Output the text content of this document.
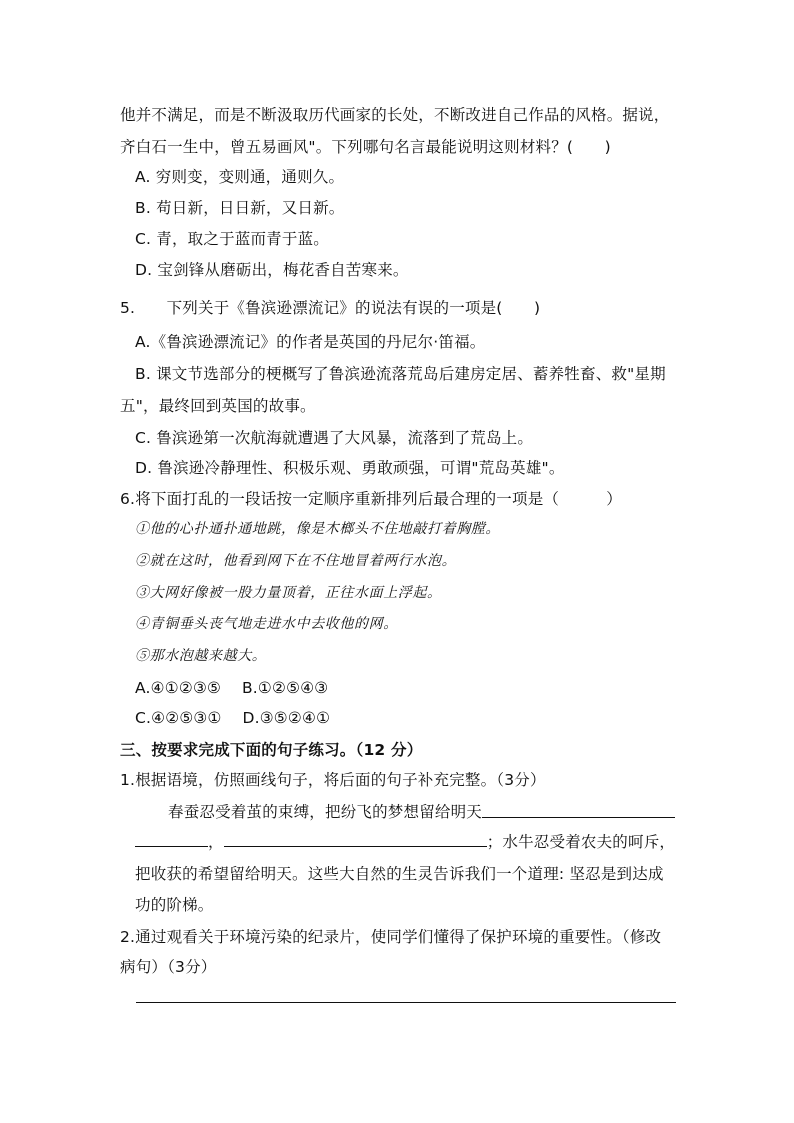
他并不满足，而是不断汲取历代画家的长处，不断改进自己作品的风格。据说，
齐白石一生中，曾五易画风"。下列哪句名言最能说明这则材料？(　　)
A. 穷则变，变则通，通则久。
B. 苟日新，日日新，又日新。
C. 青，取之于蓝而青于蓝。
D. 宝剑锋从磨砺出，梅花香自苦寒来。
5.　　下列关于《鲁滨逊漂流记》的说法有误的一项是(　　)
A.《鲁滨逊漂流记》的作者是英国的丹尼尔·笛福。
B. 课文节选部分的梗概写了鲁滨逊流落荒岛后建房定居、蓄养牲畜、救"星期
五"，最终回到英国的故事。
C. 鲁滨逊第一次航海就遭遇了大风暴，流落到了荒岛上。
D. 鲁滨逊冷静理性、积极乐观、勇敢顽强，可谓"荒岛英雄"。
6.将下面打乱的一段话按一定顺序重新排列后最合理的一项是（　　　）
①他的心扑通扑通地跳，像是木榔头不住地敲打着胸膛。
②就在这时，他看到网下在不住地冒着两行水泡。
③大网好像被一股力量顶着，正往水面上浮起。
④青铜垂头丧气地走进水中去收他的网。
⑤那水泡越来越大。
A.④①②③⑤　 B.①②⑤④③
C.④②⑤③①　 D.③⑤②④①
三、按要求完成下面的句子练习。（12 分）
1.根据语境，仿照画线句子，将后面的句子补充完整。（3分）
春蚕忍受着茧的束缚，把纷飞的梦想留给明天
，	；水牛忍受着农夫的呵斥，
把收获的希望留给明天。这些大自然的生灵告诉我们一个道理: 坚忍是到达成
功的阶梯。
2.通过观看关于环境污染的纪录片，使同学们懂得了保护环境的重要性。（修改
病句）（3分）
